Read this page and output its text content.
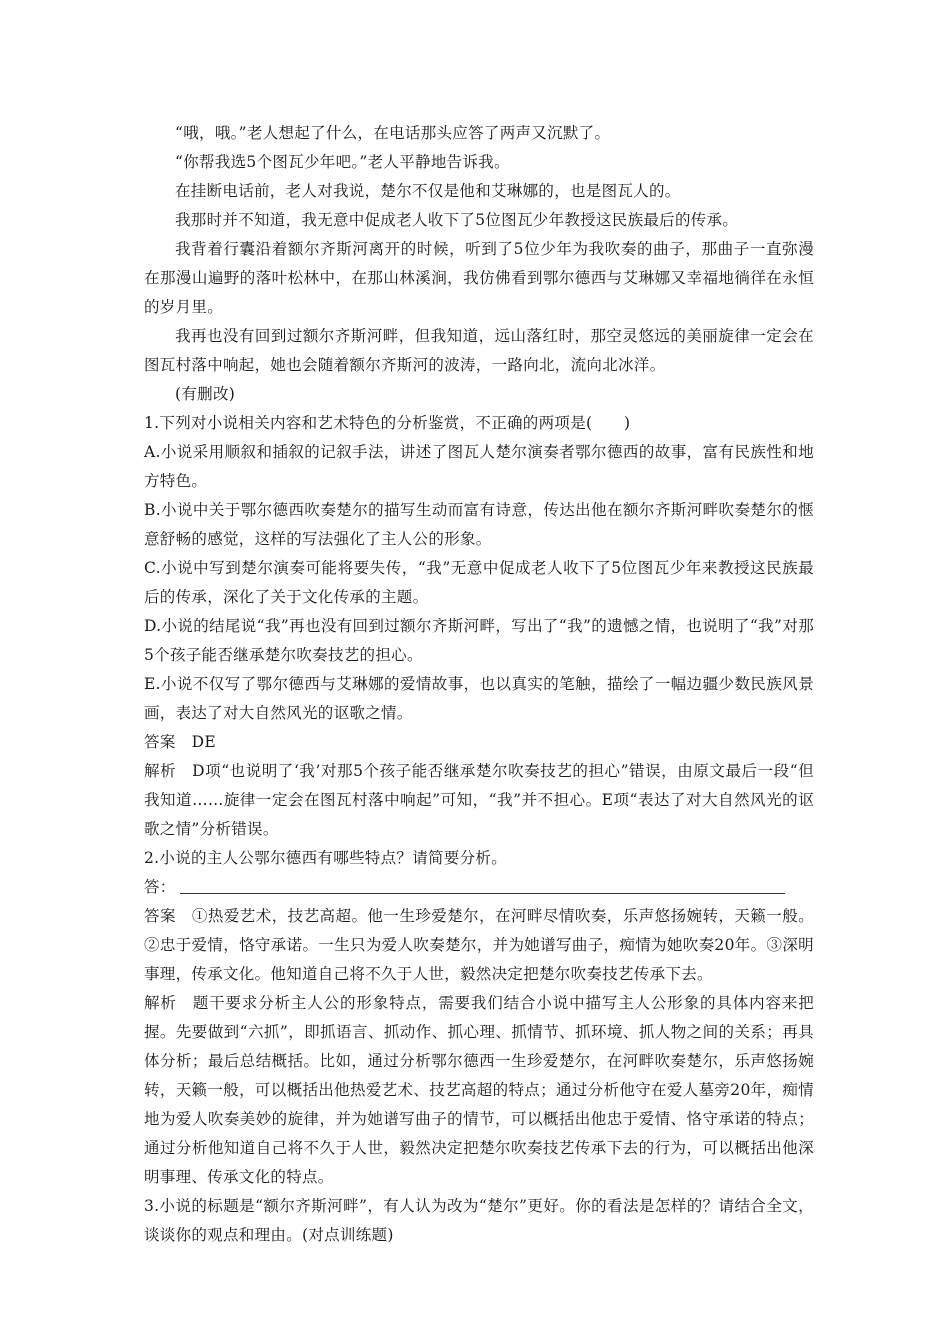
“哦，哦。”老人想起了什么，在电话那头应答了两声又沉默了。

“你帮我选5个图瓦少年吧。”老人平静地告诉我。

在挂断电话前，老人对我说，楚尔不仅是他和艾琳娜的，也是图瓦人的。

我那时并不知道，我无意中促成老人收下了5位图瓦少年教授这民族最后的传承。

我背着行囊沿着额尔齐斯河离开的时候，听到了5位少年为我吹奏的曲子，那曲子一直弥漫在那漫山遍野的落叶松林中，在那山林溪涧，我仿佛看到鄂尔德西与艾琳娜又幸福地徜徉在永恒的岁月里。

我再也没有回到过额尔齐斯河畔，但我知道，远山落红时，那空灵悠远的美丽旋律一定会在图瓦村落中响起，她也会随着额尔齐斯河的波涛，一路向北，流向北冰洋。

(有删改)

1.下列对小说相关内容和艺术特色的分析鉴赏，不正确的两项是(　　)

A.小说采用顺叙和插叙的记叙手法，讲述了图瓦人楚尔演奏者鄂尔德西的故事，富有民族性和地方特色。

B.小说中关于鄂尔德西吹奏楚尔的描写生动而富有诗意，传达出他在额尔齐斯河畔吹奏楚尔的惬意舒畅的感觉，这样的写法强化了主人公的形象。

C.小说中写到楚尔演奏可能将要失传，“我”无意中促成老人收下了5位图瓦少年来教授这民族最后的传承，深化了关于文化传承的主题。

D.小说的结尾说“我”再也没有回到过额尔齐斯河畔，写出了“我”的遗憾之情，也说明了“我”对那5个孩子能否继承楚尔吹奏技艺的担心。

E.小说不仅写了鄂尔德西与艾琳娜的爱情故事，也以真实的笔触，描绘了一幅边疆少数民族风景画，表达了对大自然风光的讴歌之情。

答案 DE

解析 D项“也说明了‘我’对那5个孩子能否继承楚尔吹奏技艺的担心”错误，由原文最后一段“但我知道……旋律一定会在图瓦村落中响起”可知，“我”并不担心。E项“表达了对大自然风光的讴歌之情”分析错误。

2.小说的主人公鄂尔德西有哪些特点？请简要分析。

答：

答案 ①热爱艺术，技艺高超。他一生珍爱楚尔，在河畔尽情吹奏，乐声悠扬婉转，天籁一般。②忠于爱情，恪守承诺。一生只为爱人吹奏楚尔，并为她谱写曲子，痴情为她吹奏20年。③深明事理，传承文化。他知道自己将不久于人世，毅然决定把楚尔吹奏技艺传承下去。

解析 题干要求分析主人公的形象特点，需要我们结合小说中描写主人公形象的具体内容来把握。先要做到“六抓”，即抓语言、抓动作、抓心理、抓情节、抓环境、抓人物之间的关系；再具体分析；最后总结概括。比如，通过分析鄂尔德西一生珍爱楚尔，在河畔吹奏楚尔，乐声悠扬婉转，天籁一般，可以概括出他热爱艺术、技艺高超的特点；通过分析他守在爱人墓旁20年，痴情地为爱人吹奏美妙的旋律，并为她谱写曲子的情节，可以概括出他忠于爱情、恪守承诺的特点；通过分析他知道自己将不久于人世，毅然决定把楚尔吹奏技艺传承下去的行为，可以概括出他深明事理、传承文化的特点。

3.小说的标题是“额尔齐斯河畔”，有人认为改为“楚尔”更好。你的看法是怎样的？请结合全文，谈谈你的观点和理由。(对点训练题)
